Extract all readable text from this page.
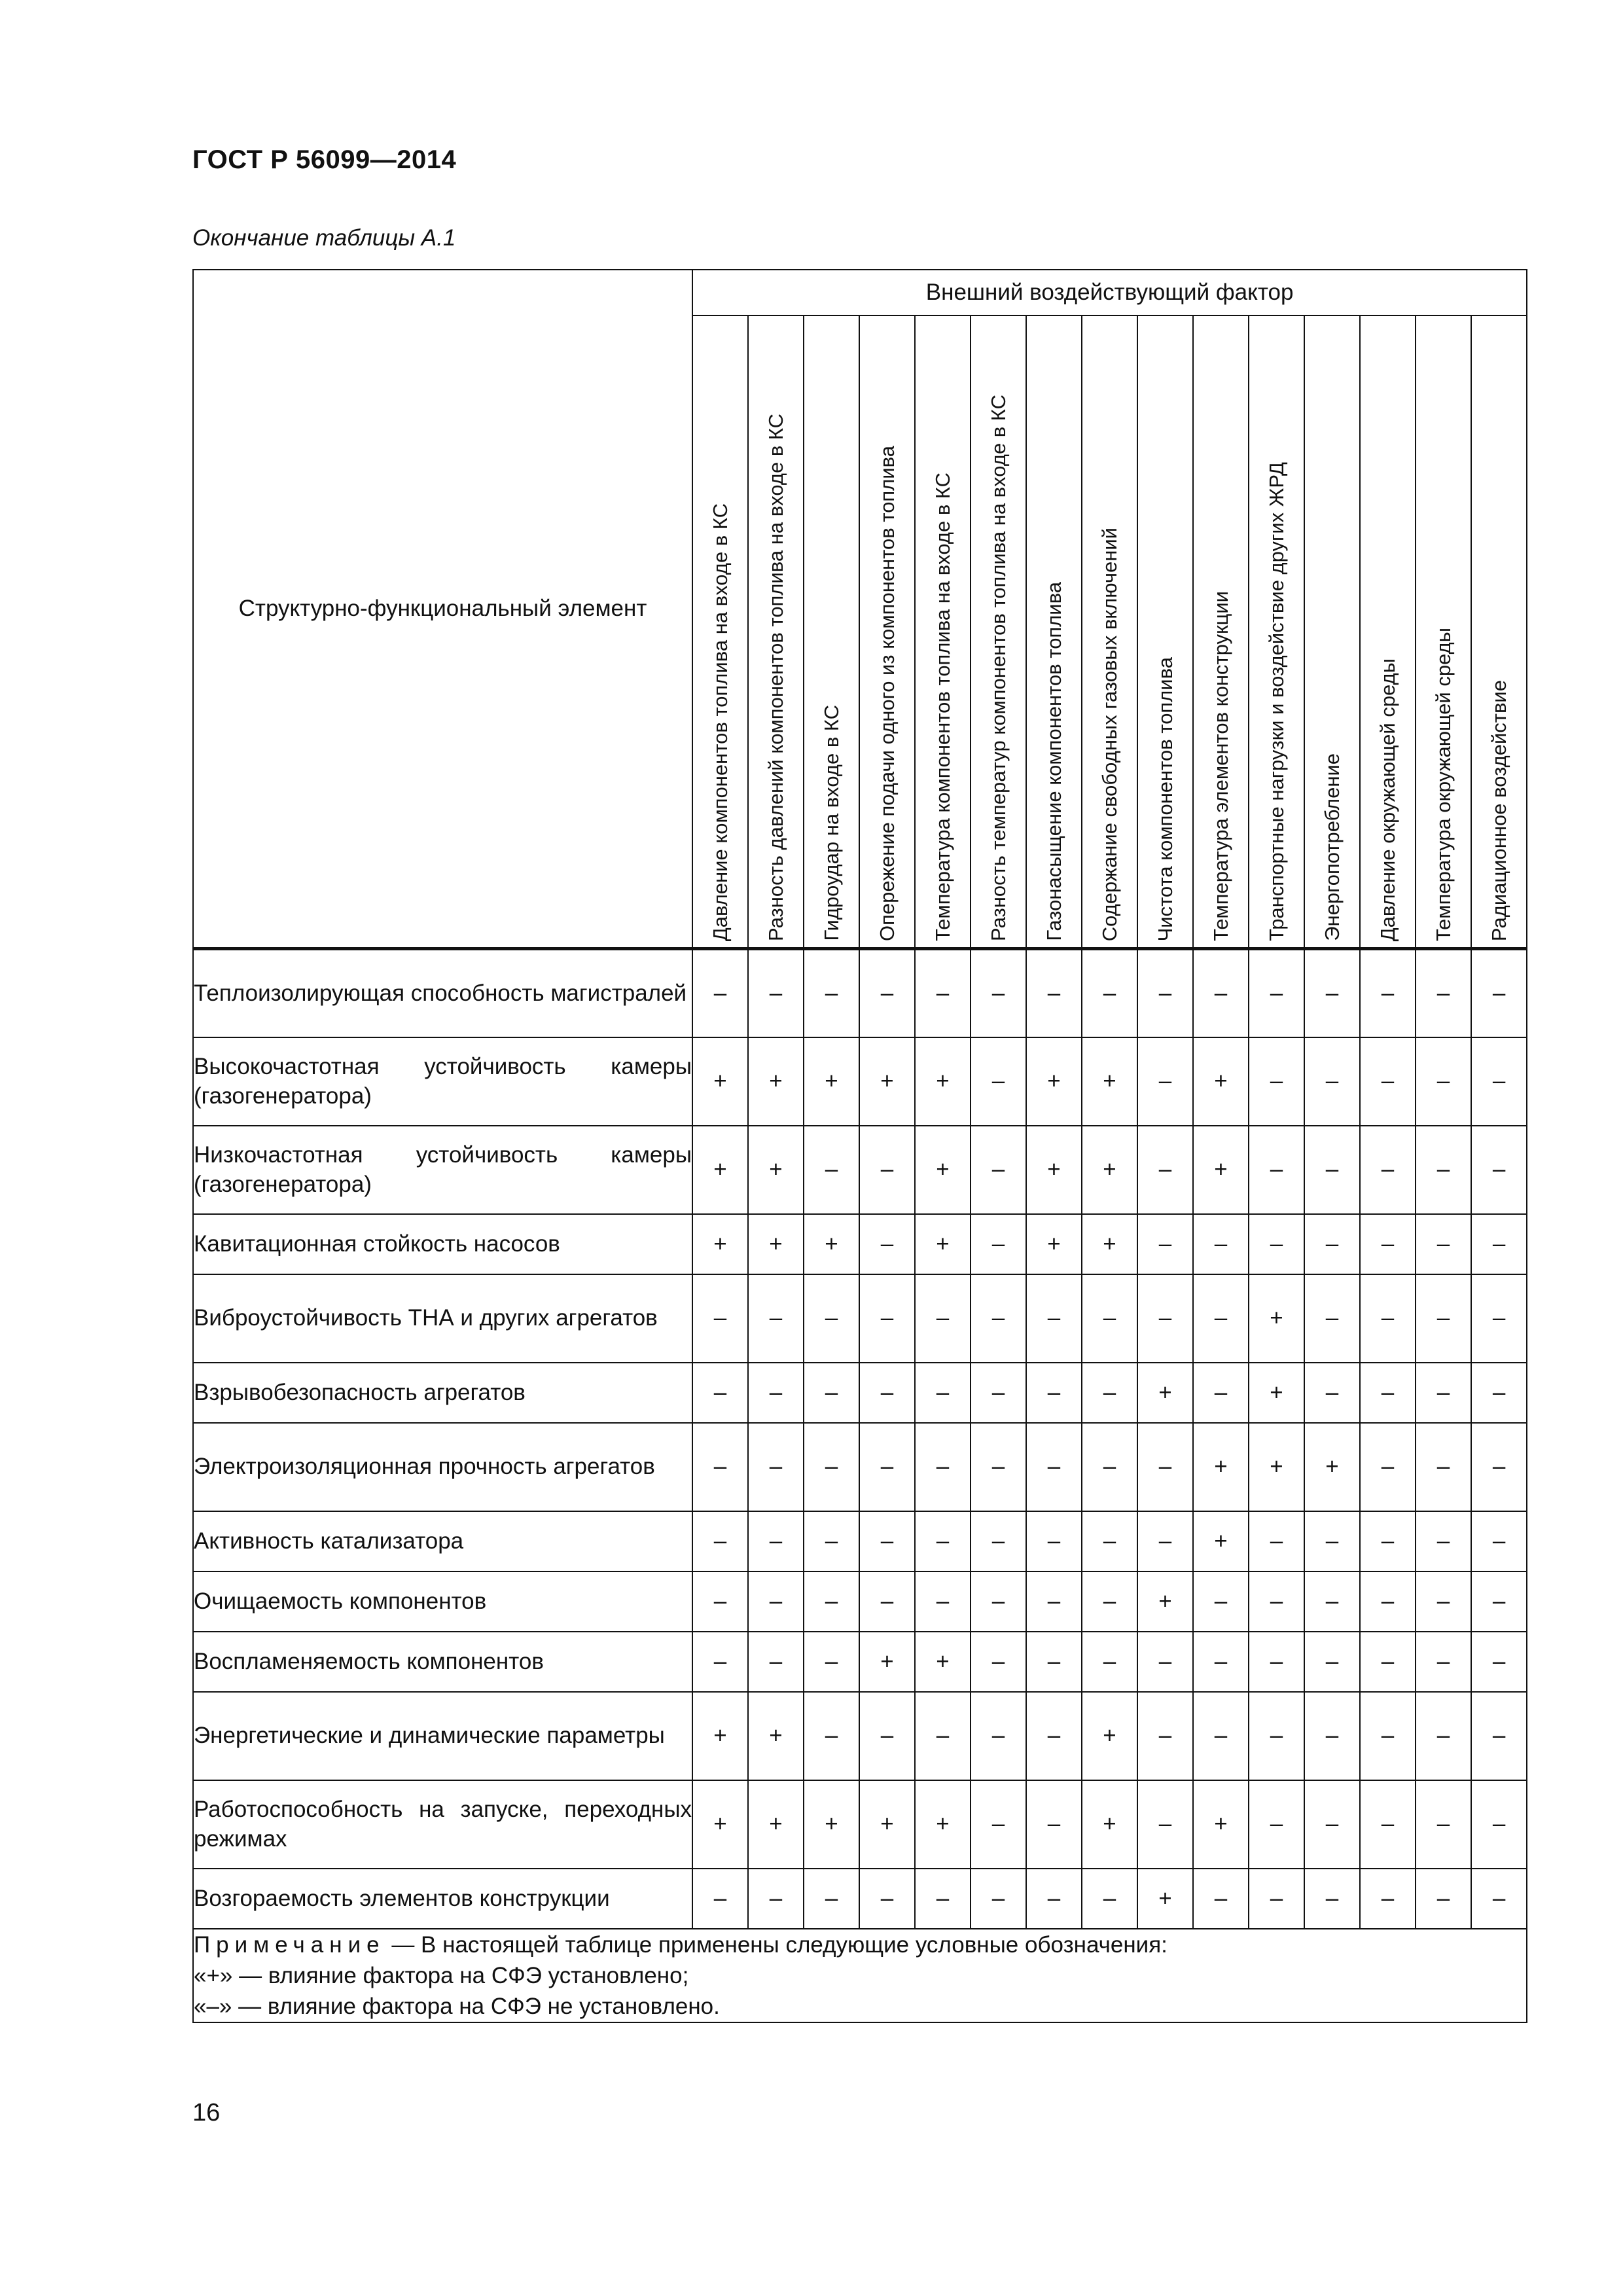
ГОСТ Р 56099—2014
Окончание таблицы А.1
Структурно-функциональный элемент	Внешний воздействующий фактор														
	Давление компонентов топлива на входе в КС	Разность давлений компонентов топлива на входе в КС	Гидроудар на входе в КС	Опережение подачи одного из компонентов топлива	Температура компонентов топлива на входе в КС	Разность температур компонентов топлива на входе в КС	Газонасыщение компонентов топлива	Содержание свободных газовых включений	Чистота компонентов топлива	Температура элементов конструкции	Транспортные нагрузки и воздействие других ЖРД	Энергопотребление	Давление окружающей среды	Температура окружающей среды	Радиационное воздействие
Теплоизолирующая способность магистралей	–	–	–	–	–	–	–	–	–	–	–	–	–	–	–
Высокочастотная устойчивость камеры (газогенератора)	+	+	+	+	+	–	+	+	–	+	–	–	–	–	–
Низкочастотная устойчивость камеры (газогенератора)	+	+	–	–	+	–	+	+	–	+	–	–	–	–	–
Кавитационная стойкость насосов	+	+	+	–	+	–	+	+	–	–	–	–	–	–	–
Виброустойчивость ТНА и других агрегатов	–	–	–	–	–	–	–	–	–	–	+	–	–	–	–
Взрывобезопасность агрегатов	–	–	–	–	–	–	–	–	+	–	+	–	–	–	–
Электроизоляционная прочность агрегатов	–	–	–	–	–	–	–	–	–	+	+	+	–	–	–
Активность катализатора	–	–	–	–	–	–	–	–	–	+	–	–	–	–	–
Очищаемость компонентов	–	–	–	–	–	–	–	–	+	–	–	–	–	–	–
Воспламеняемость компонентов	–	–	–	+	+	–	–	–	–	–	–	–	–	–	–
Энергетические и динамические параметры	+	+	–	–	–	–	–	+	–	–	–	–	–	–	–
Работоспособность на запуске, переходных режимах	+	+	+	+	+	–	–	+	–	+	–	–	–	–	–
Возгораемость элементов конструкции	–	–	–	–	–	–	–	–	+	–	–	–	–	–	–

Примечание — В настоящей таблице применены следующие условные обозначения:
«+» — влияние фактора на СФЭ установлено;
«–» — влияние фактора на СФЭ не установлено.															
16
